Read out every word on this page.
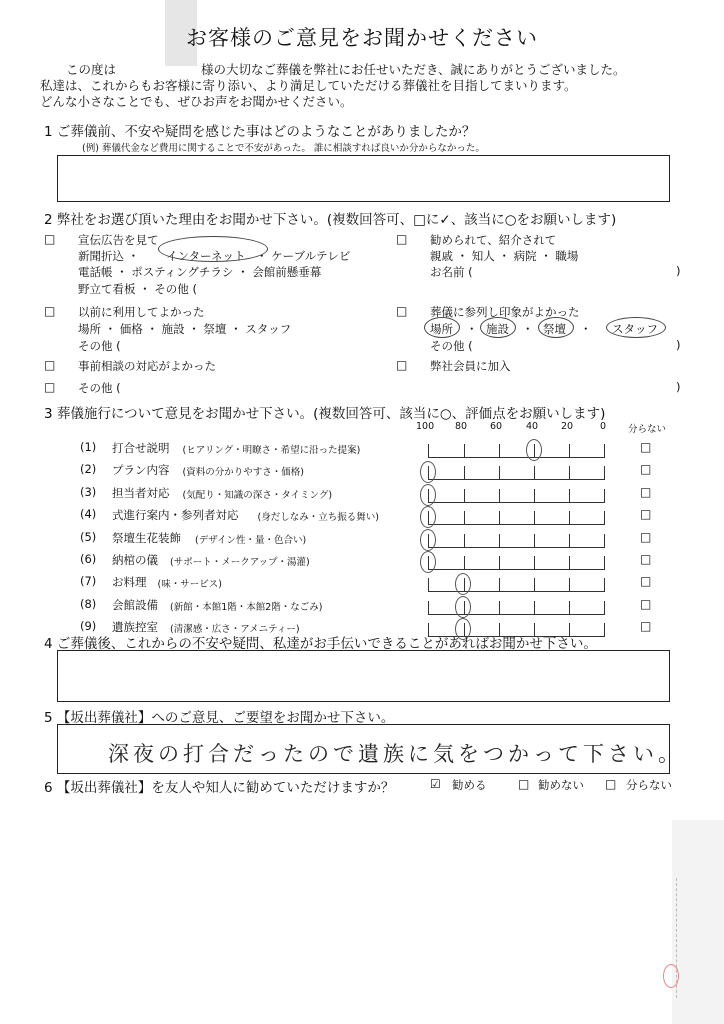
お客様のご意見をお聞かせください
この度は	様の大切なご葬儀を弊社にお任せいただき、誠にありがとうございました。
私達は、これからもお客様に寄り添い、より満足していただける葬儀社を目指してまいります。
どんな小さなことでも、ぜひお声をお聞かせください。
1 ご葬儀前、不安や疑問を感じた事はどのようなことがありましたか？
(例) 葬儀代金など費用に関することで不安があった。 誰に相談すれば良いか分からなかった。
2 弊社をお選び頂いた理由をお聞かせ下さい。(複数回答可、□に✓、該当に○をお願いします)
□ 宣伝広告を見て
新聞折込 ・ インターネット ・ ケーブルテレビ
電話帳 ・ ポスティングチラシ ・ 会館前懸垂幕
野立て看板 ・ その他 (
□ 勧められて、紹介されて
親戚 ・ 知人 ・ 病院 ・ 職場
お名前 (	)
□ 以前に利用してよかった
場所 ・ 価格 ・ 施設 ・ 祭壇 ・ スタッフ
その他 (
□ 葬儀に参列し印象がよかった
場所 ・ 施設 ・ 祭壇 ・ スタッフ
その他 (	)
□ 事前相談の対応がよかった	□ 弊社会員に加入
□ その他 (	)
3 葬儀施行について意見をお聞かせ下さい。(複数回答可、該当に○、評価点をお願いします)
100 80 60	40 20	0 分らない
(1) 打合せ説明 (ヒアリング・明瞭さ・希望に沿った提案)	□
(2) プラン内容 (資料の分かりやすさ・価格)	□
(3) 担当者対応 (気配り・知識の深さ・タイミング)	□
(4) 式進行案内・参列者対応 (身だしなみ・立ち振る舞い)	□
(5) 祭壇生花装飾 (デザイン性・量・色合い)	□
(6) 納棺の儀 (サポート・メークアップ・湯灌)	□
(7) お料理 (味・サービス)	□
(8) 会館設備 (新館・本館1階・本館2階・なごみ)	□
(9) 遺族控室 (清潔感・広さ・アメニティー)	□
4 ご葬儀後、これからの不安や疑問、私達がお手伝いできることがあればお聞かせ下さい。
5 【坂出葬儀社】へのご意見、ご要望をお聞かせ下さい。
深夜の打合だったので遺族に気をつかって下さい。
6 【坂出葬儀社】を友人や知人に勧めていただけますか？	☑ 勧める	□ 勧めない □ 分らない
